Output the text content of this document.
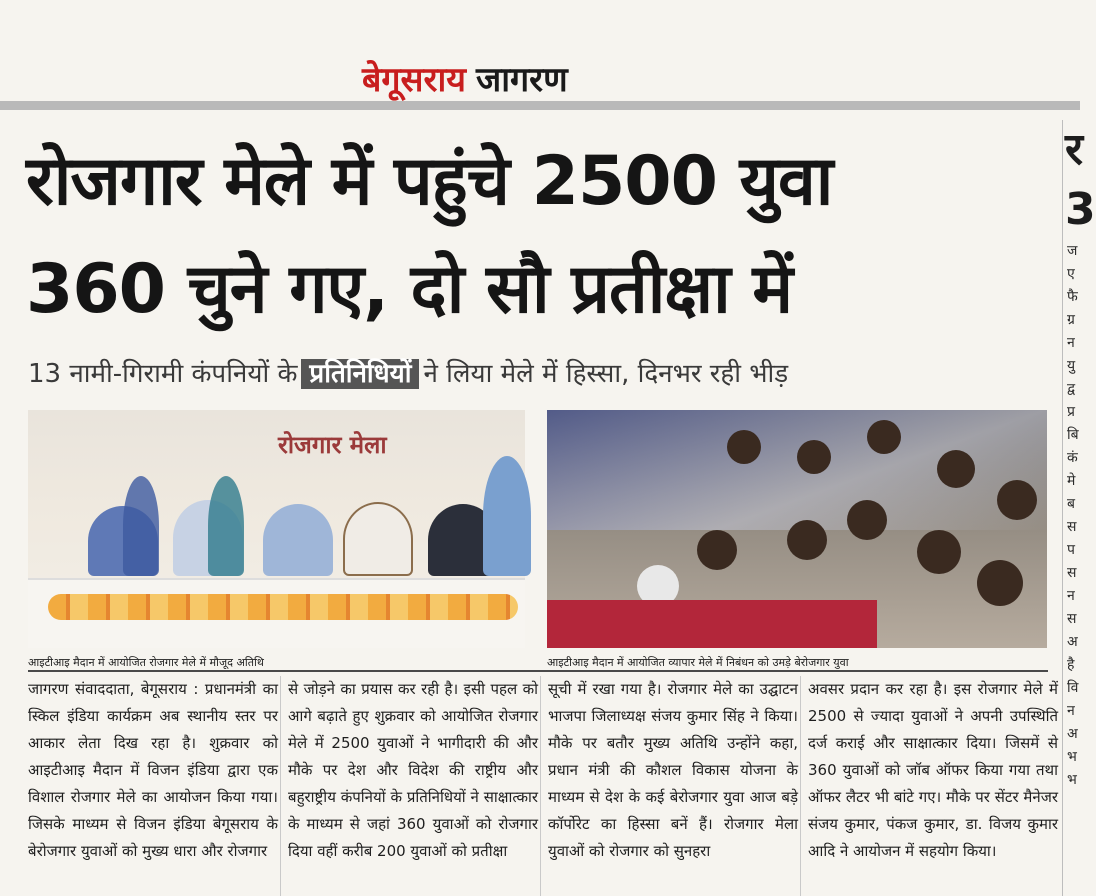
बेगूसराय जागरण
रोजगार मेले में पहुंचे 2500 युवा
360 चुने गए, दो सौ प्रतीक्षा में
13 नामी-गिरामी कंपनियों के प्रतिनिधियों ने लिया मेले में हिस्सा, दिनभर रही भीड़
रोजगार मेला
आइटीआइ मैदान में आयोजित रोजगार मेले में मौजूद अतिथि	आइटीआइ मैदान में आयोजित व्यापार मेले में निबंधन को उमड़े बेरोजगार युवा

जागरण संवाददाता, बेगूसराय : प्रधानमंत्री का स्किल इंडिया कार्यक्रम अब स्थानीय स्तर पर आकार लेता दिख रहा है। शुक्रवार को आइटीआइ मैदान में विजन इंडिया द्वारा एक विशाल रोजगार मेले का आयोजन किया गया। जिसके माध्यम से विजन इंडिया बेगूसराय के बेरोजगार युवाओं को मुख्य धारा और रोजगार

से जोड़ने का प्रयास कर रही है। इसी पहल को आगे बढ़ाते हुए शुक्रवार को आयोजित रोजगार मेले में 2500 युवाओं ने भागीदारी की और मौके पर देश और विदेश की राष्ट्रीय और बहुराष्ट्रीय कंपनियों के प्रतिनिधियों ने साक्षात्कार के माध्यम से जहां 360 युवाओं को रोजगार दिया वहीं करीब 200 युवाओं को प्रतीक्षा

सूची में रखा गया है। रोजगार मेले का उद्घाटन भाजपा जिलाध्यक्ष संजय कुमार सिंह ने किया। मौके पर बतौर मुख्य अतिथि उन्होंने कहा, प्रधान मंत्री की कौशल विकास योजना के माध्यम से देश के कई बेरोजगार युवा आज बड़े कॉर्पोरेट का हिस्सा बनें हैं। रोजगार मेला युवाओं को रोजगार को सुनहरा

अवसर प्रदान कर रहा है। इस रोजगार मेले में 2500 से ज्यादा युवाओं ने अपनी उपस्थिति दर्ज कराई और साक्षात्कार दिया। जिसमें से 360 युवाओं को जॉब ऑफर किया गया तथा ऑफर लैटर भी बांटे गए। मौके पर सेंटर मैनेजर संजय कुमार, पंकज कुमार, डा. विजय कुमार आदि ने आयोजन में सहयोग किया।

र
3
ज
ए
फै
ग्र
न
यु
द्व
प्र
बि
कं
मे
ब
स
प
स
न
स
अ
है
वि
न
अ
भ
भ
